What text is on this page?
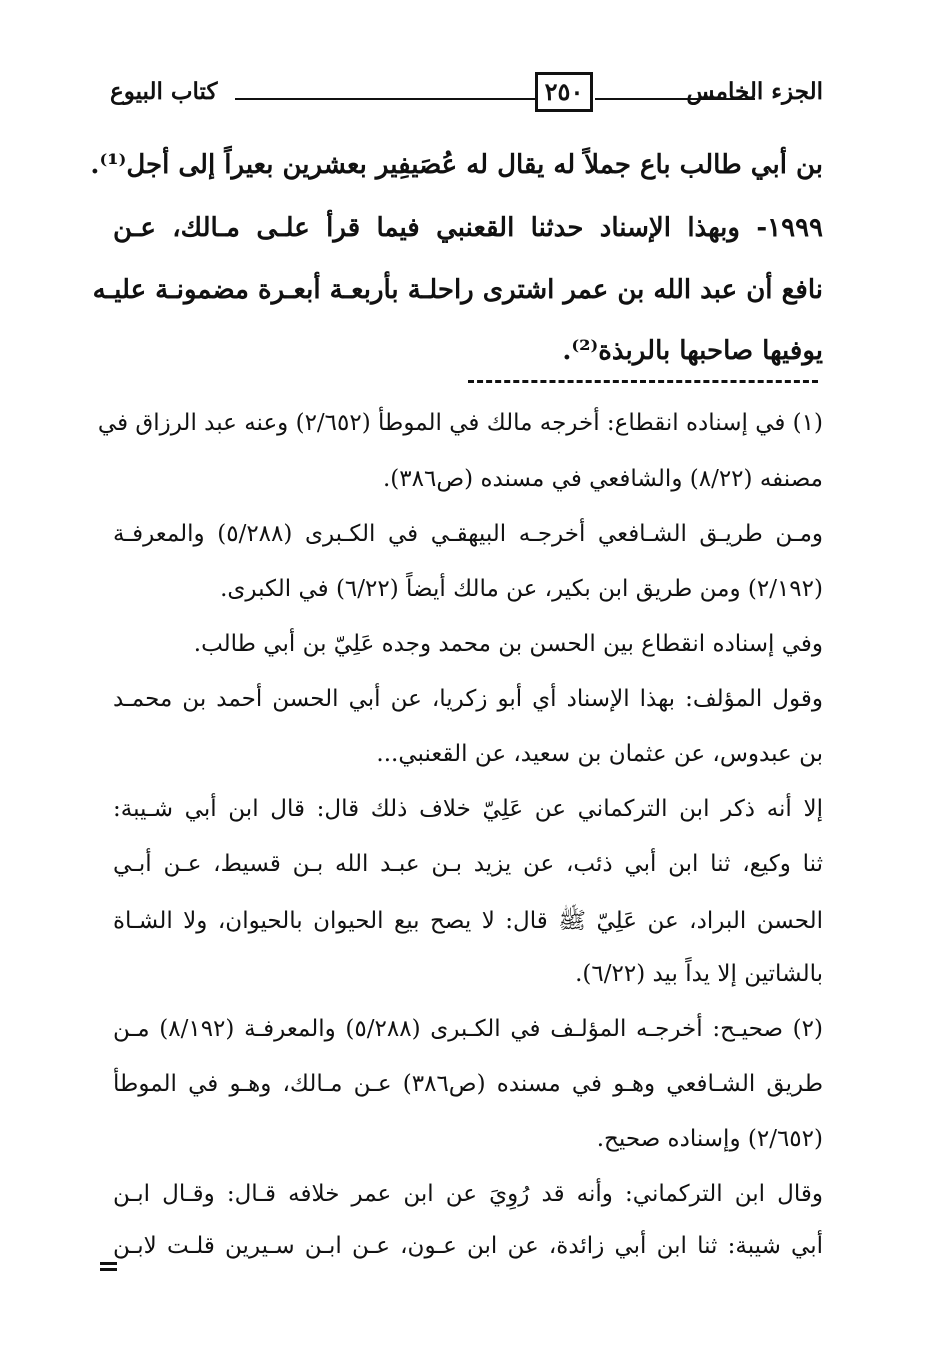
كتاب البيوع	٢٥٠	الجزء الخامس
بن أبي طالب باع جملاً له يقال له عُصَيفِير بعشرين بعيراً إلى أجل⁽¹⁾.
١٩٩٩- وبهذا الإسناد حدثنا القعنبي فيما قرأ علـى مـالك، عـن
نافع أن عبد الله بن عمر اشترى راحلـة بأربعـة أبعـرة مضمونـة عليـه
يوفيها صاحبها بالربذة⁽²⁾.
(١) في إسناده انقطاع: أخرجه مالك في الموطأ (٢/٦٥٢) وعنه عبد الرزاق في
مصنفه (٨/٢٢) والشافعي في مسنده (ص٣٨٦).
ومـن طريـق الشـافعي أخرجـه البيهقـي في الكـبرى (٥/٢٨٨) والمعرفـة
(٢/١٩٢) ومن طريق ابن بكير، عن مالك أيضاً (٦/٢٢) في الكبرى.
وفي إسناده انقطاع بين الحسن بن محمد وجده عَلِيّ بن أبي طالب.
وقول المؤلف: بهذا الإسناد أي أبو زكريا، عن أبي الحسن أحمد بن محمـد
بن عبدوس، عن عثمان بن سعيد، عن القعنبي...
إلا أنه ذكر ابن التركماني عن عَلِيّ خلاف ذلك قال: قال ابن أبي شـيبة:
ثنا وكيع، ثنا ابن أبي ذئب، عن يزيد بـن عبـد الله بـن قسيط، عـن أبـي
الحسن البراد، عن عَلِيّ ﷺ قال: لا يصح بيع الحيوان بالحيوان، ولا الشـاة
بالشاتين إلا يداً بيد (٦/٢٢).
(٢) صحيـح: أخرجـه المؤلـف في الكـبرى (٥/٢٨٨) والمعرفـة (٨/١٩٢) مـن
طريق الشـافعي وهـو في مسنده (ص٣٨٦) عـن مـالك، وهـو في الموطأ
(٢/٦٥٢) وإسناده صحيح.
وقال ابن التركماني: وأنه قد رُوِيَ عن ابن عمر خلافه قـال: وقـال ابـن
أبي شيبة: ثنا ابن أبي زائدة، عن ابن عـون، عـن ابـن سـيرين قلـت لابـن
